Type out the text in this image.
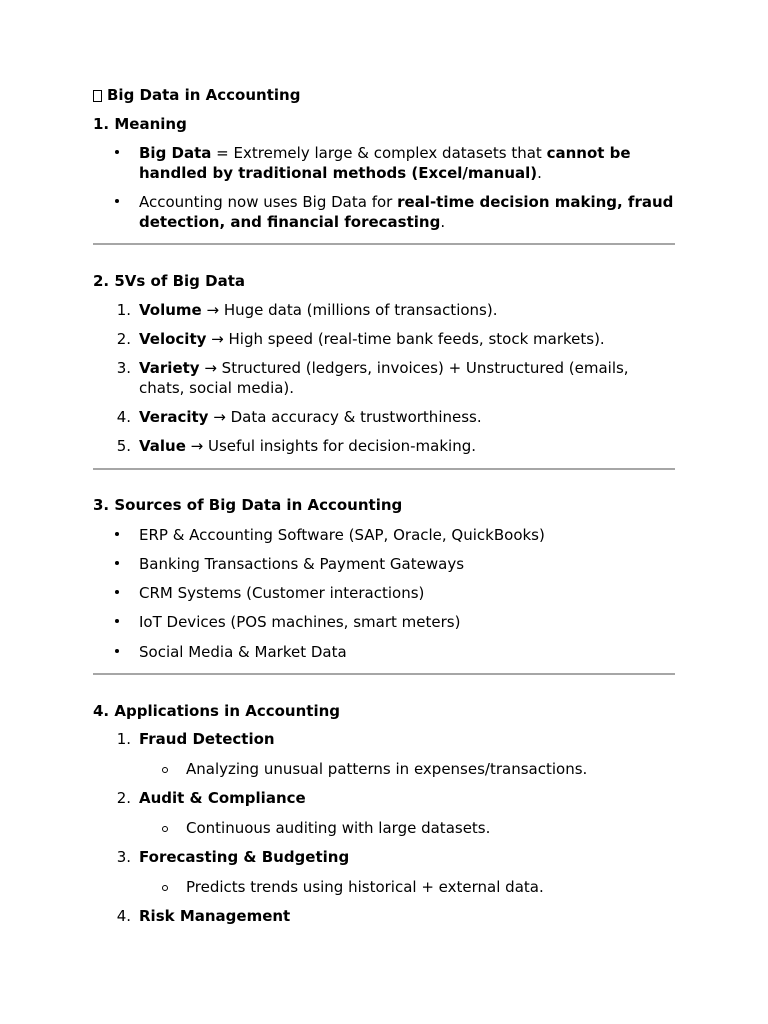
Big Data in Accounting
1. Meaning
Big Data = Extremely large & complex datasets that cannot be handled by traditional methods (Excel/manual).
Accounting now uses Big Data for real-time decision making, fraud detection, and financial forecasting.
2. 5Vs of Big Data
1. Volume → Huge data (millions of transactions).
2. Velocity → High speed (real-time bank feeds, stock markets).
3. Variety → Structured (ledgers, invoices) + Unstructured (emails, chats, social media).
4. Veracity → Data accuracy & trustworthiness.
5. Value → Useful insights for decision-making.
3. Sources of Big Data in Accounting
ERP & Accounting Software (SAP, Oracle, QuickBooks)
Banking Transactions & Payment Gateways
CRM Systems (Customer interactions)
IoT Devices (POS machines, smart meters)
Social Media & Market Data
4. Applications in Accounting
1. Fraud Detection
Analyzing unusual patterns in expenses/transactions.
2. Audit & Compliance
Continuous auditing with large datasets.
3. Forecasting & Budgeting
Predicts trends using historical + external data.
4. Risk Management
